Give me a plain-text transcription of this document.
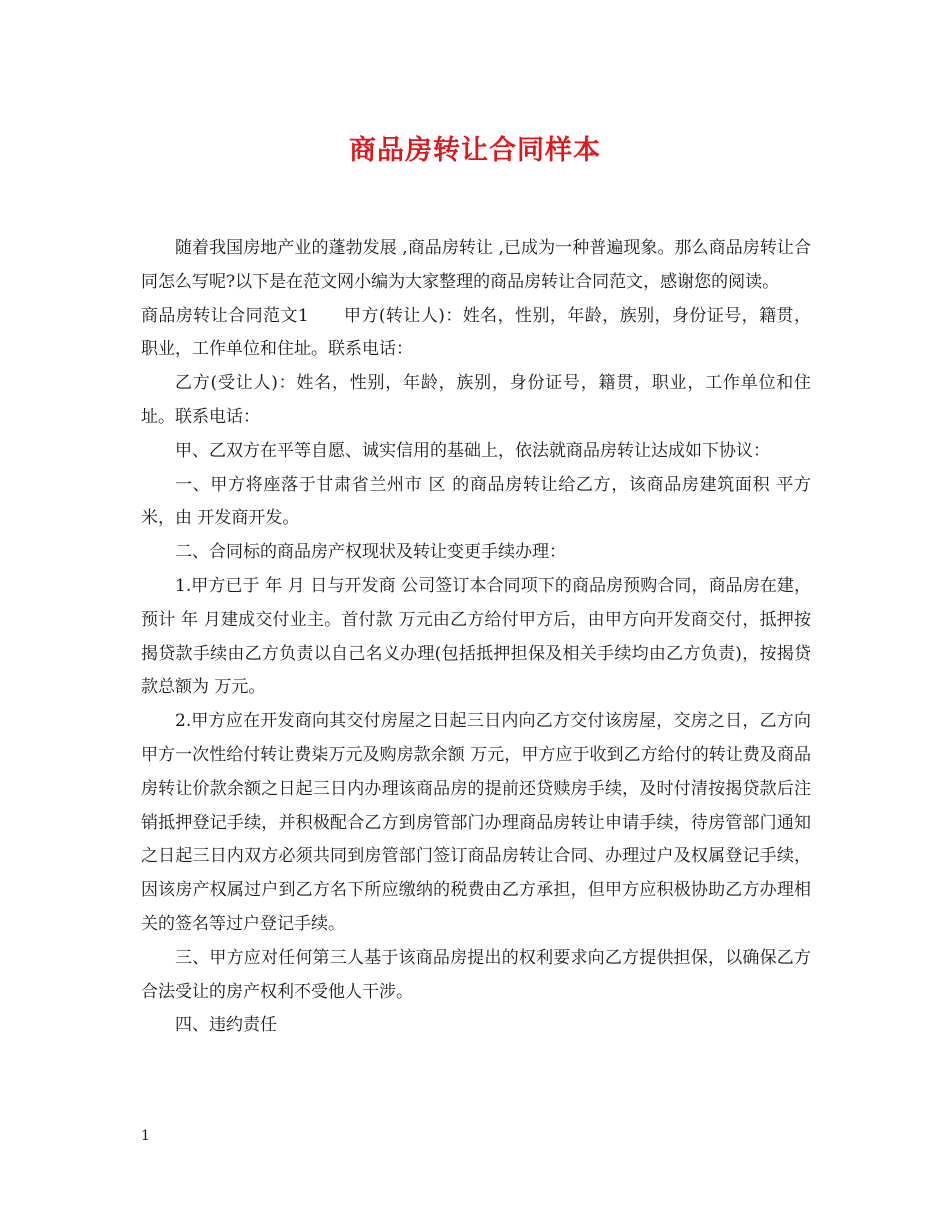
商品房转让合同样本

随着我国房地产业的蓬勃发展 ,商品房转让 ,已成为一种普遍现象。那么商品房转让合同怎么写呢?以下是在范文网小编为大家整理的商品房转让合同范文，感谢您的阅读。

商品房转让合同范文1　　甲方(转让人)：姓名，性别，年龄，族别，身份证号，籍贯，职业，工作单位和住址。联系电话：

乙方(受让人)：姓名，性别，年龄，族别，身份证号，籍贯，职业，工作单位和住址。联系电话：

甲、乙双方在平等自愿、诚实信用的基础上，依法就商品房转让达成如下协议：

一、甲方将座落于甘肃省兰州市 区 的商品房转让给乙方，该商品房建筑面积 平方米，由 开发商开发。

二、合同标的商品房产权现状及转让变更手续办理：

1.甲方已于 年 月 日与开发商 公司签订本合同项下的商品房预购合同，商品房在建，预计 年 月建成交付业主。首付款 万元由乙方给付甲方后，由甲方向开发商交付，抵押按揭贷款手续由乙方负责以自己名义办理(包括抵押担保及相关手续均由乙方负责)，按揭贷款总额为 万元。

2.甲方应在开发商向其交付房屋之日起三日内向乙方交付该房屋，交房之日，乙方向甲方一次性给付转让费柒万元及购房款余额 万元，甲方应于收到乙方给付的转让费及商品房转让价款余额之日起三日内办理该商品房的提前还贷赎房手续，及时付清按揭贷款后注销抵押登记手续，并积极配合乙方到房管部门办理商品房转让申请手续，待房管部门通知之日起三日内双方必须共同到房管部门签订商品房转让合同、办理过户及权属登记手续，因该房产权属过户到乙方名下所应缴纳的税费由乙方承担，但甲方应积极协助乙方办理相关的签名等过户登记手续。

三、甲方应对任何第三人基于该商品房提出的权利要求向乙方提供担保，以确保乙方合法受让的房产权利不受他人干涉。

四、违约责任

1
